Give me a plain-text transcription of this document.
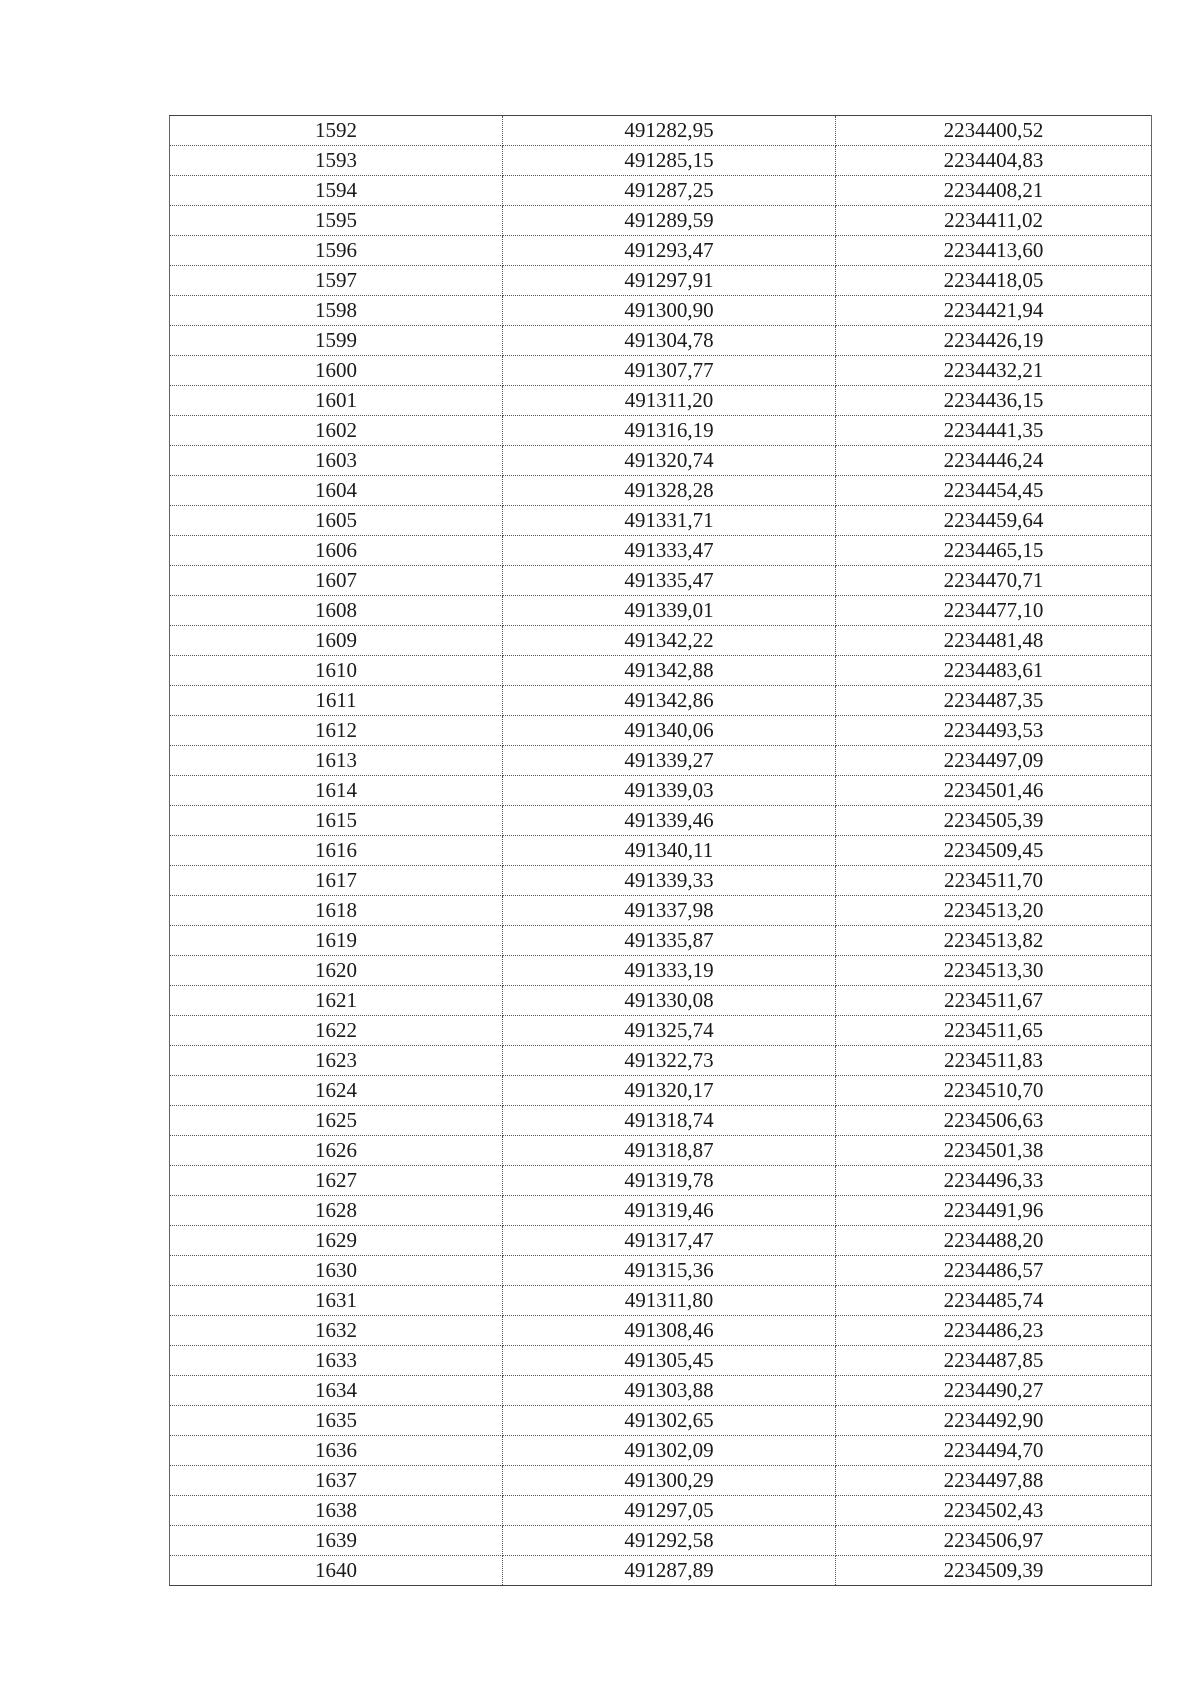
1592	491282,95	2234400,52
1593	491285,15	2234404,83
1594	491287,25	2234408,21
1595	491289,59	2234411,02
1596	491293,47	2234413,60
1597	491297,91	2234418,05
1598	491300,90	2234421,94
1599	491304,78	2234426,19
1600	491307,77	2234432,21
1601	491311,20	2234436,15
1602	491316,19	2234441,35
1603	491320,74	2234446,24
1604	491328,28	2234454,45
1605	491331,71	2234459,64
1606	491333,47	2234465,15
1607	491335,47	2234470,71
1608	491339,01	2234477,10
1609	491342,22	2234481,48
1610	491342,88	2234483,61
1611	491342,86	2234487,35
1612	491340,06	2234493,53
1613	491339,27	2234497,09
1614	491339,03	2234501,46
1615	491339,46	2234505,39
1616	491340,11	2234509,45
1617	491339,33	2234511,70
1618	491337,98	2234513,20
1619	491335,87	2234513,82
1620	491333,19	2234513,30
1621	491330,08	2234511,67
1622	491325,74	2234511,65
1623	491322,73	2234511,83
1624	491320,17	2234510,70
1625	491318,74	2234506,63
1626	491318,87	2234501,38
1627	491319,78	2234496,33
1628	491319,46	2234491,96
1629	491317,47	2234488,20
1630	491315,36	2234486,57
1631	491311,80	2234485,74
1632	491308,46	2234486,23
1633	491305,45	2234487,85
1634	491303,88	2234490,27
1635	491302,65	2234492,90
1636	491302,09	2234494,70
1637	491300,29	2234497,88
1638	491297,05	2234502,43
1639	491292,58	2234506,97
1640	491287,89	2234509,39
